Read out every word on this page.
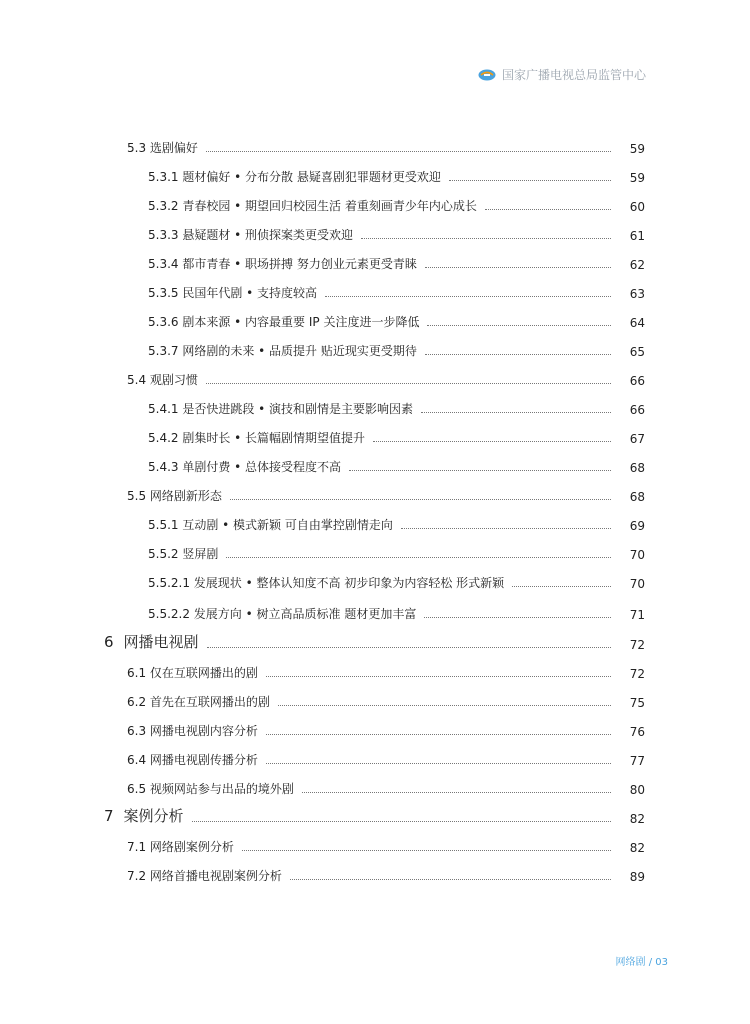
国家广播电视总局监管中心
5.3 选剧偏好	59
5.3.1 题材偏好 • 分布分散 悬疑喜剧犯罪题材更受欢迎	59
5.3.2 青春校园 • 期望回归校园生活 着重刻画青少年内心成长	60
5.3.3 悬疑题材 • 刑侦探案类更受欢迎	61
5.3.4 都市青春 • 职场拼搏 努力创业元素更受青睐	62
5.3.5 民国年代剧 • 支持度较高	63
5.3.6 剧本来源 • 内容最重要 IP 关注度进一步降低	64
5.3.7 网络剧的未来 • 品质提升 贴近现实更受期待	65
5.4 观剧习惯	66
5.4.1 是否快进跳段 • 演技和剧情是主要影响因素	66
5.4.2 剧集时长 • 长篇幅剧情期望值提升	67
5.4.3 单剧付费 • 总体接受程度不高	68
5.5 网络剧新形态	68
5.5.1 互动剧 • 模式新颖 可自由掌控剧情走向	69
5.5.2 竖屏剧	70
5.5.2.1 发展现状 • 整体认知度不高 初步印象为内容轻松 形式新颖	70
5.5.2.2 发展方向 • 树立高品质标准 题材更加丰富	71
6 网播电视剧	72
6.1 仅在互联网播出的剧	72
6.2 首先在互联网播出的剧	75
6.3 网播电视剧内容分析	76
6.4 网播电视剧传播分析	77
6.5 视频网站参与出品的境外剧	80
7 案例分析	82
7.1 网络剧案例分析	82
7.2 网络首播电视剧案例分析	89
网络剧 / 03
